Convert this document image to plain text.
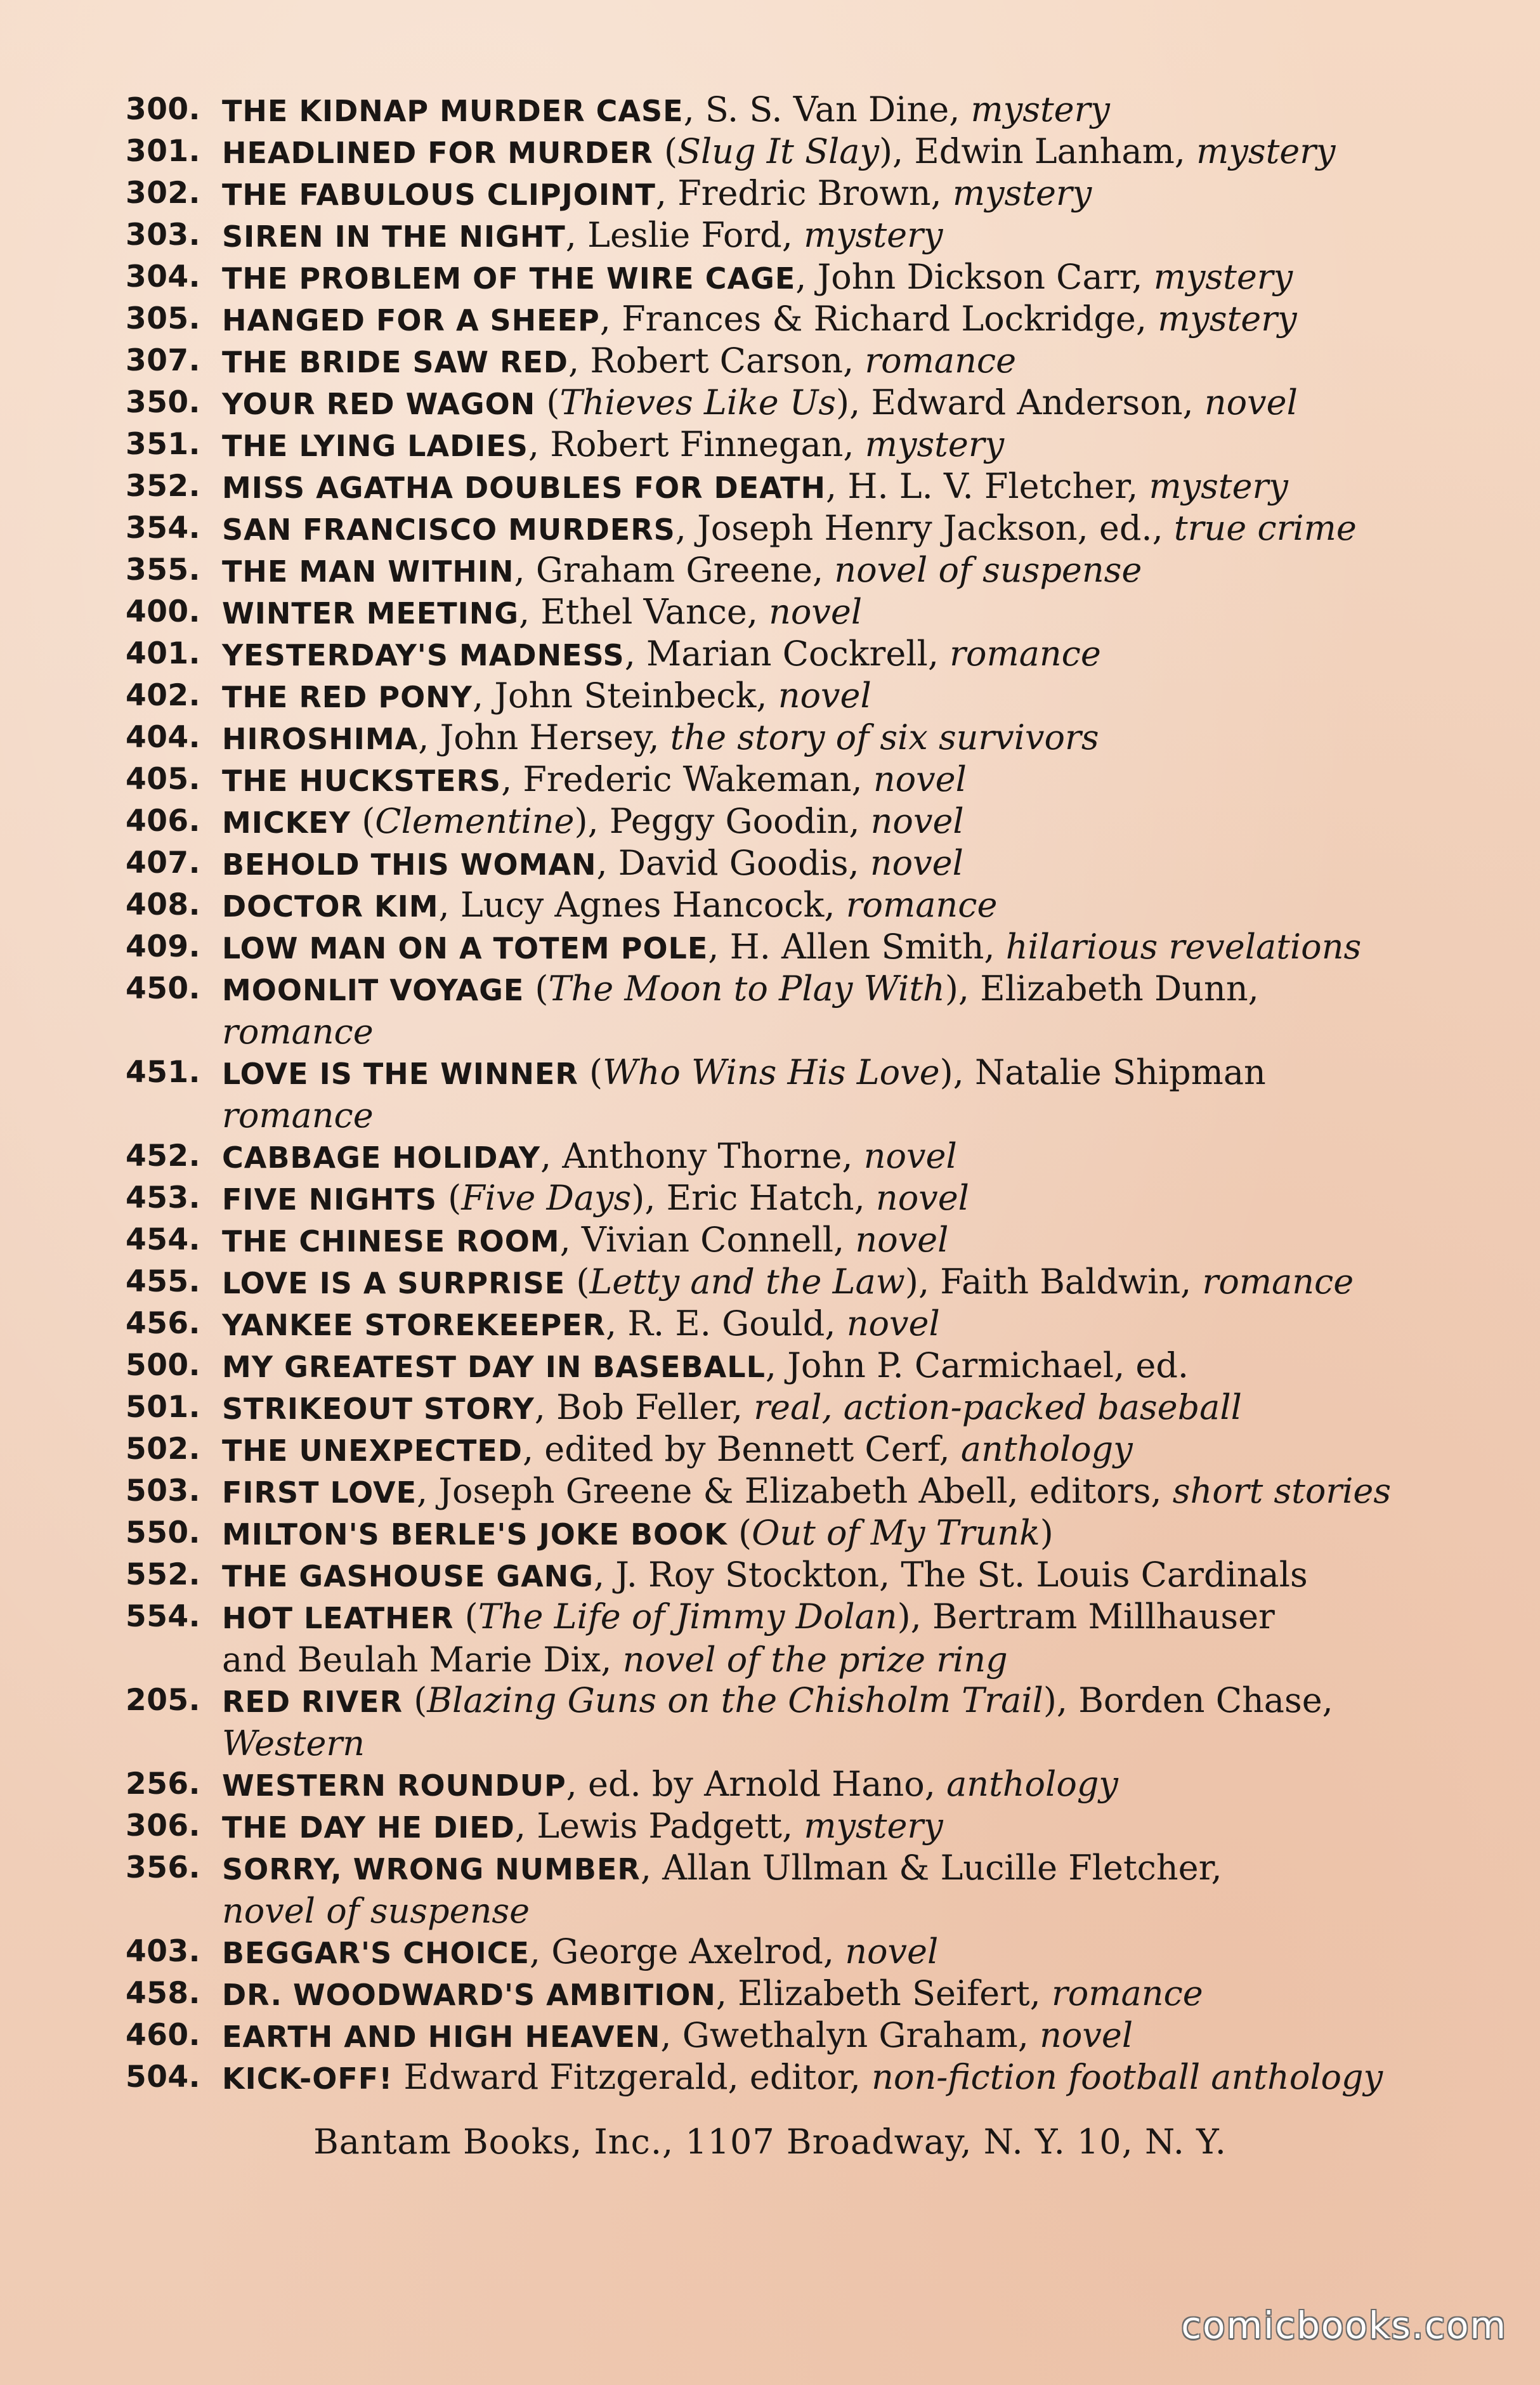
300. THE KIDNAP MURDER CASE, S. S. Van Dine, mystery
301. HEADLINED FOR MURDER (Slug It Slay), Edwin Lanham, mystery
302. THE FABULOUS CLIPJOINT, Fredric Brown, mystery
303. SIREN IN THE NIGHT, Leslie Ford, mystery
304. THE PROBLEM OF THE WIRE CAGE, John Dickson Carr, mystery
305. HANGED FOR A SHEEP, Frances & Richard Lockridge, mystery
307. THE BRIDE SAW RED, Robert Carson, romance
350. YOUR RED WAGON (Thieves Like Us), Edward Anderson, novel
351. THE LYING LADIES, Robert Finnegan, mystery
352. MISS AGATHA DOUBLES FOR DEATH, H. L. V. Fletcher, mystery
354. SAN FRANCISCO MURDERS, Joseph Henry Jackson, ed., true crime
355. THE MAN WITHIN, Graham Greene, novel of suspense
400. WINTER MEETING, Ethel Vance, novel
401. YESTERDAY'S MADNESS, Marian Cockrell, romance
402. THE RED PONY, John Steinbeck, novel
404. HIROSHIMA, John Hersey, the story of six survivors
405. THE HUCKSTERS, Frederic Wakeman, novel
406. MICKEY (Clementine), Peggy Goodin, novel
407. BEHOLD THIS WOMAN, David Goodis, novel
408. DOCTOR KIM, Lucy Agnes Hancock, romance
409. LOW MAN ON A TOTEM POLE, H. Allen Smith, hilarious revelations
450. MOONLIT VOYAGE (The Moon to Play With), Elizabeth Dunn,
romance
451. LOVE IS THE WINNER (Who Wins His Love), Natalie Shipman
romance
452. CABBAGE HOLIDAY, Anthony Thorne, novel
453. FIVE NIGHTS (Five Days), Eric Hatch, novel
454. THE CHINESE ROOM, Vivian Connell, novel
455. LOVE IS A SURPRISE (Letty and the Law), Faith Baldwin, romance
456. YANKEE STOREKEEPER, R. E. Gould, novel
500. MY GREATEST DAY IN BASEBALL, John P. Carmichael, ed.
501. STRIKEOUT STORY, Bob Feller, real, action-packed baseball
502. THE UNEXPECTED, edited by Bennett Cerf, anthology
503. FIRST LOVE, Joseph Greene & Elizabeth Abell, editors, short stories
550. MILTON'S BERLE'S JOKE BOOK (Out of My Trunk)
552. THE GASHOUSE GANG, J. Roy Stockton, The St. Louis Cardinals
554. HOT LEATHER (The Life of Jimmy Dolan), Bertram Millhauser
and Beulah Marie Dix, novel of the prize ring
205. RED RIVER (Blazing Guns on the Chisholm Trail), Borden Chase,
Western
256. WESTERN ROUNDUP, ed. by Arnold Hano, anthology
306. THE DAY HE DIED, Lewis Padgett, mystery
356. SORRY, WRONG NUMBER, Allan Ullman & Lucille Fletcher,
novel of suspense
403. BEGGAR'S CHOICE, George Axelrod, novel
458. DR. WOODWARD'S AMBITION, Elizabeth Seifert, romance
460. EARTH AND HIGH HEAVEN, Gwethalyn Graham, novel
504. KICK-OFF! Edward Fitzgerald, editor, non-fiction football anthology
Bantam Books, Inc., 1107 Broadway, N. Y. 10, N. Y.
comicbooks.com
